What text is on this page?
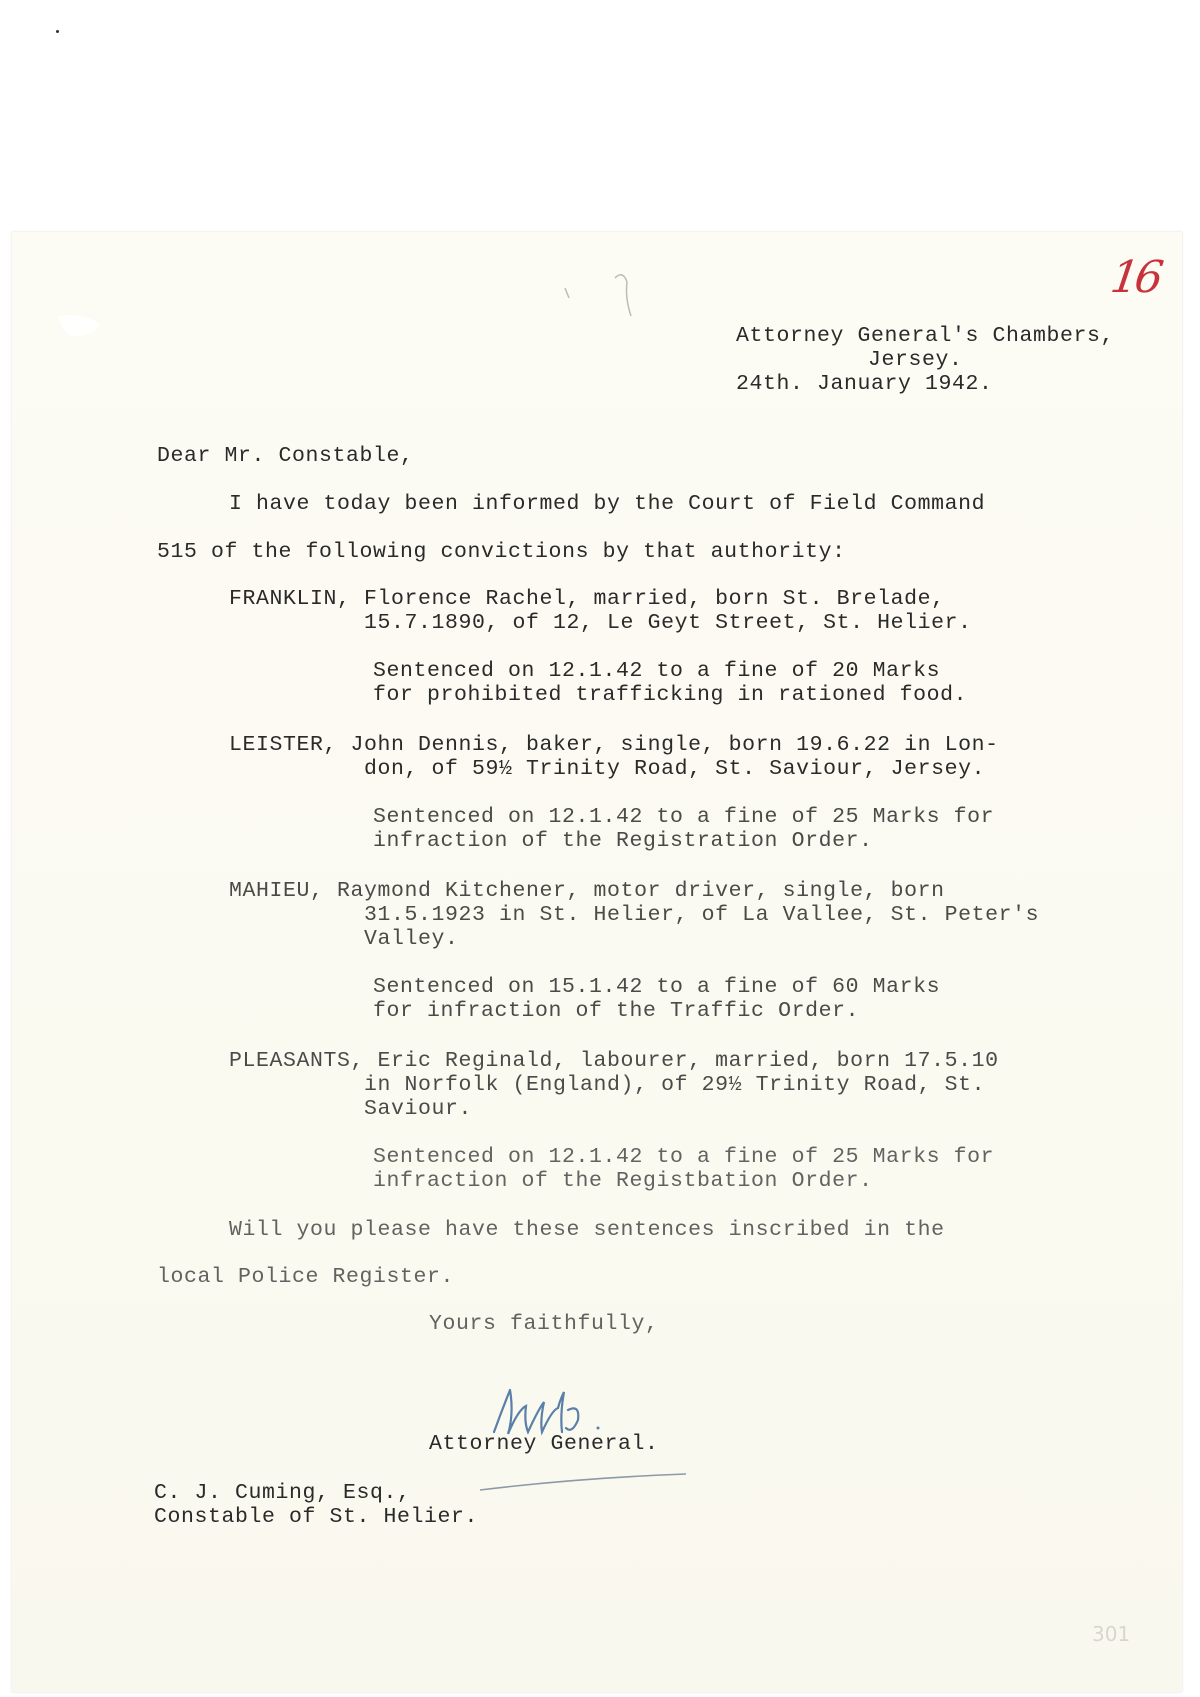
16

Attorney General's Chambers,

Jersey.

24th. January 1942.

Dear Mr. Constable,

I have today been informed by the Court of Field Command

515 of the following convictions by that authority:

FRANKLIN, Florence Rachel, married, born St. Brelade,

15.7.1890, of 12, Le Geyt Street, St. Helier.

Sentenced on 12.1.42 to a fine of 20 Marks

for prohibited trafficking in rationed food.

LEISTER, John Dennis, baker, single, born 19.6.22 in Lon-

don, of 59½ Trinity Road, St. Saviour, Jersey.

Sentenced on 12.1.42 to a fine of 25 Marks for

infraction of the Registration Order.

MAHIEU, Raymond Kitchener, motor driver, single, born

31.5.1923 in St. Helier, of La Vallee, St. Peter's

Valley.

Sentenced on 15.1.42 to a fine of 60 Marks

for infraction of the Traffic Order.

PLEASANTS, Eric Reginald, labourer, married, born 17.5.10

in Norfolk (England), of 29½ Trinity Road, St.

Saviour.

Sentenced on 12.1.42 to a fine of 25 Marks for

infraction of the Registbation Order.

Will you please have these sentences inscribed in the

local Police Register.

Yours faithfully,

Attorney General.

C. J. Cuming, Esq.,

Constable of St. Helier.

301
